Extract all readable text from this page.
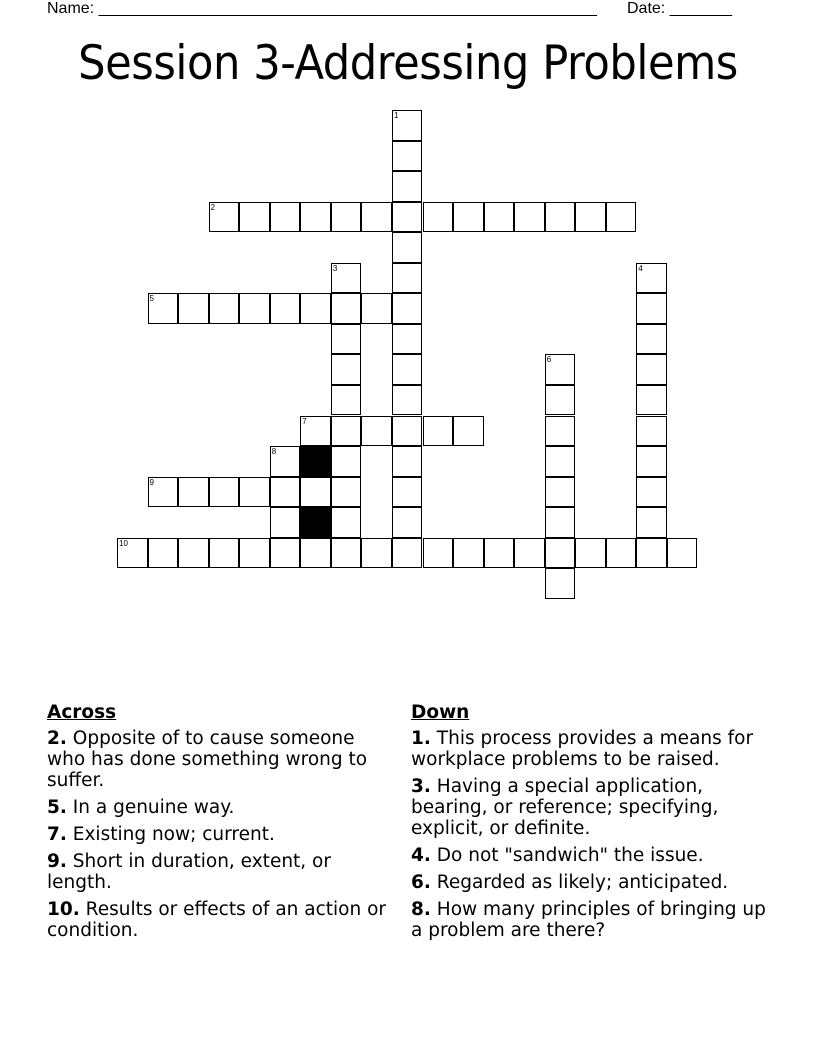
Name: ________________________________________________________ Date: _______
Session 3-Addressing Problems
1
2
3	4
5
6
7
8
9
10
Across
2. Opposite of to cause someone who has done something wrong to suffer.
5. In a genuine way.
7. Existing now; current.
9. Short in duration, extent, or length.
10. Results or effects of an action or condition.
Down
1. This process provides a means for workplace problems to be raised.
3. Having a special application, bearing, or reference; specifying, explicit, or definite.
4. Do not "sandwich" the issue.
6. Regarded as likely; anticipated.
8. How many principles of bringing up a problem are there?
